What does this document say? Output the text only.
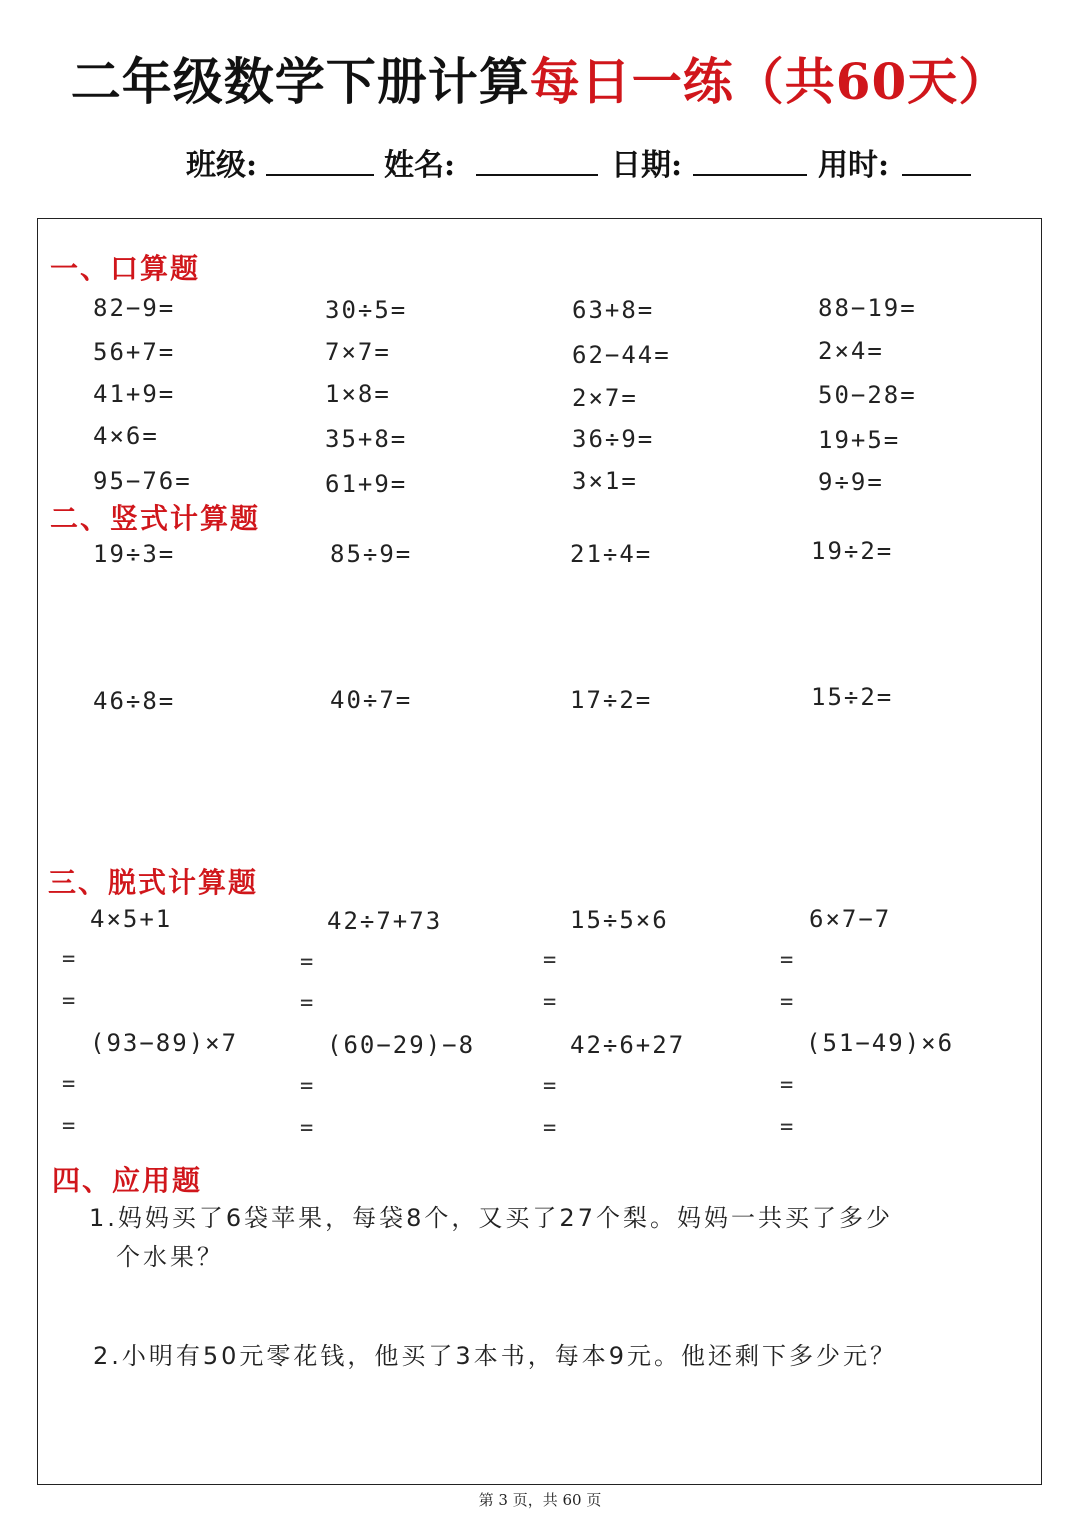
二年级数学下册计算每日一练（共60天）
班级:	姓名:	日期:	用时:
一、口算题
二、竖式计算题
三、脱式计算题
四、应用题
82−9=	30÷5=	63+8=	88−19=
56+7=	7×7=	62−44=	2×4=
41+9=	1×8=	2×7=	50−28=
4×6=	35+8=	36÷9=	19+5=
95−76=	61+9=	3×1=	9÷9=
19÷3=	85÷9=	21÷4=	19÷2=
46÷8=	40÷7=	17÷2=	15÷2=
4×5+1	42÷7+73	15÷5×6	6×7−7
=	=	=	=
=	=	=	=
(93−89)×7	(60−29)−8	42÷6+27	(51−49)×6
=	=	=	=
=	=	=	=
1.妈妈买了6袋苹果，每袋8个，又买了27个梨。妈妈一共买了多少
个水果？
2.小明有50元零花钱，他买了3本书，每本9元。他还剩下多少元？
第 3 页，共 60 页
